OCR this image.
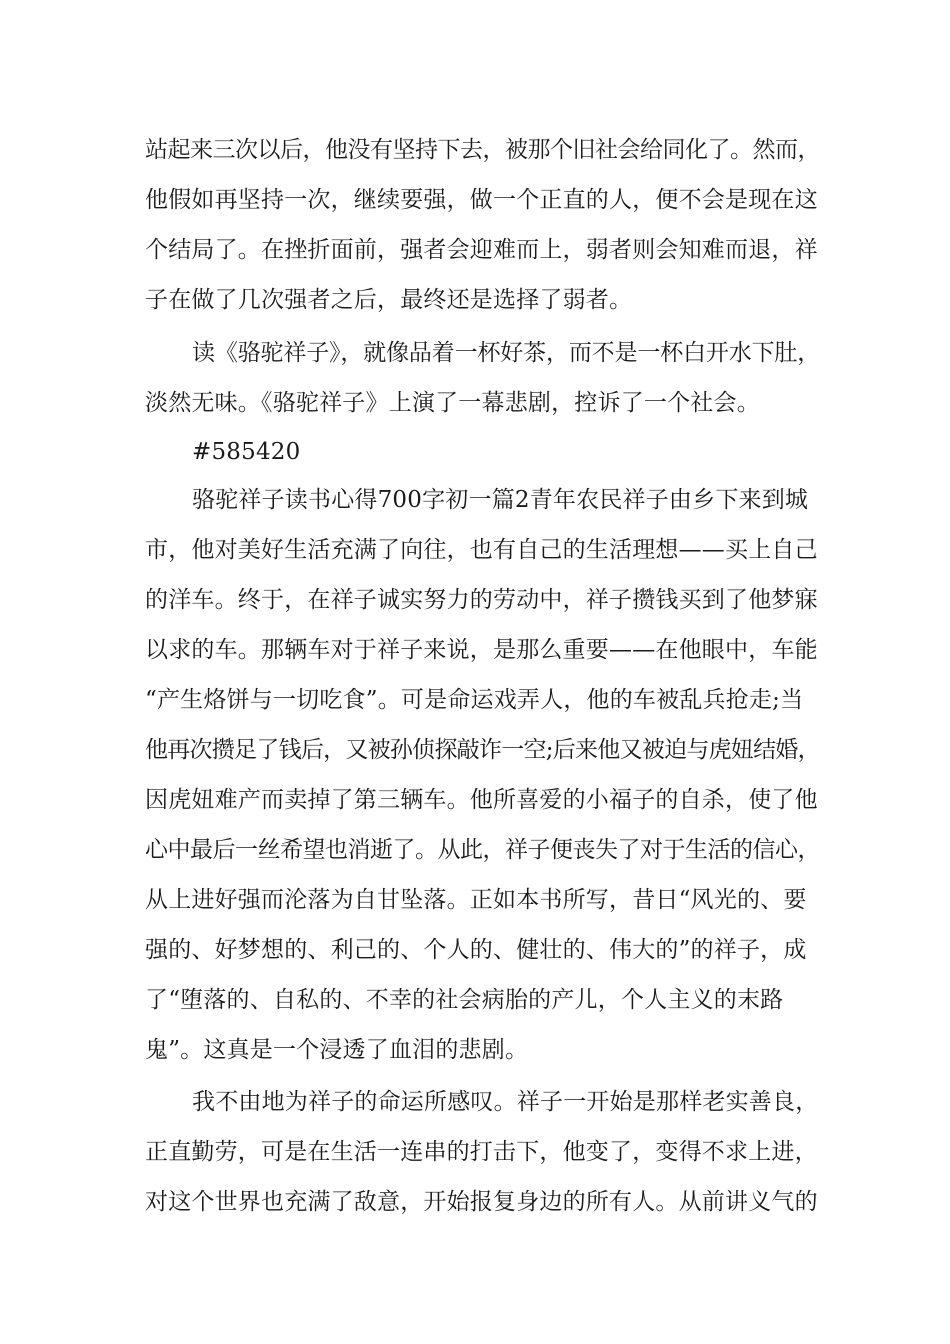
站起来三次以后，他没有坚持下去，被那个旧社会给同化了。然而，
他假如再坚持一次，继续要强，做一个正直的人，便不会是现在这
个结局了。在挫折面前，强者会迎难而上，弱者则会知难而退，祥
子在做了几次强者之后，最终还是选择了弱者。
读《骆驼祥子》，就像品着一杯好茶，而不是一杯白开水下肚，
淡然无味。《骆驼祥子》上演了一幕悲剧，控诉了一个社会。
#585420
骆驼祥子读书心得700字初一篇2青年农民祥子由乡下来到城
市，他对美好生活充满了向往，也有自己的生活理想——买上自己
的洋车。终于，在祥子诚实努力的劳动中，祥子攒钱买到了他梦寐
以求的车。那辆车对于祥子来说，是那么重要——在他眼中，车能
“产生烙饼与一切吃食”。可是命运戏弄人，他的车被乱兵抢走;当
他再次攒足了钱后，又被孙侦探敲诈一空;后来他又被迫与虎妞结婚，
因虎妞难产而卖掉了第三辆车。他所喜爱的小福子的自杀，使了他
心中最后一丝希望也消逝了。从此，祥子便丧失了对于生活的信心，
从上进好强而沦落为自甘坠落。正如本书所写，昔日“风光的、要
强的、好梦想的、利己的、个人的、健壮的、伟大的”的祥子，成
了“堕落的、自私的、不幸的社会病胎的产儿，个人主义的末路
鬼”。这真是一个浸透了血泪的悲剧。
我不由地为祥子的命运所感叹。祥子一开始是那样老实善良，
正直勤劳，可是在生活一连串的打击下，他变了，变得不求上进，
对这个世界也充满了敌意，开始报复身边的所有人。从前讲义气的
